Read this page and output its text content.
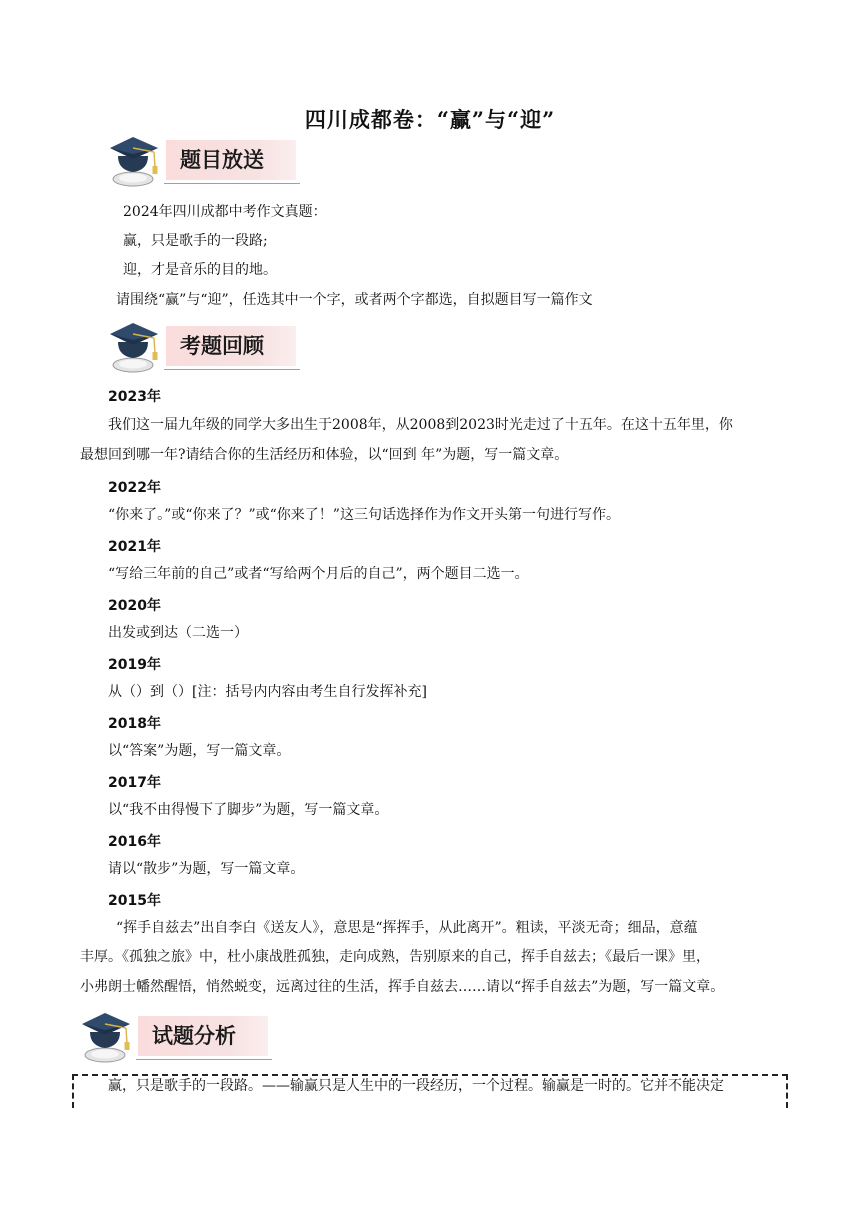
四川成都卷：“赢”与“迎”
题目放送
2024年四川成都中考作文真题：
赢，只是歌手的一段路;
迎，才是音乐的目的地。
请围绕“赢”与“迎”，任选其中一个字，或者两个字都选，自拟题目写一篇作文
考题回顾
2023年
我们这一届九年级的同学大多出生于2008年，从2008到2023时光走过了十五年。在这十五年里，你
最想回到哪一年?请结合你的生活经历和体验，以“回到 年”为题，写一篇文章。
2022年
“你来了。”或“你来了？”或“你来了！”这三句话选择作为作文开头第一句进行写作。
2021年
“写给三年前的自己”或者“写给两个月后的自己”，两个题目二选一。
2020年
出发或到达（二选一）
2019年
从（）到（）[注：括号内内容由考生自行发挥补充]
2018年
以“答案”为题，写一篇文章。
2017年
以“我不由得慢下了脚步”为题，写一篇文章。
2016年
请以“散步”为题，写一篇文章。
2015年
“挥手自兹去”出自李白《送友人》，意思是“挥挥手，从此离开”。粗读，平淡无奇；细品，意蕴
丰厚。《孤独之旅》中，杜小康战胜孤独，走向成熟，告别原来的自己，挥手自兹去；《最后一课》里，
小弗朗士幡然醒悟，悄然蜕变，远离过往的生活，挥手自兹去……请以“挥手自兹去”为题，写一篇文章。
试题分析
赢，只是歌手的一段路。——输赢只是人生中的一段经历，一个过程。输赢是一时的。它并不能决定
